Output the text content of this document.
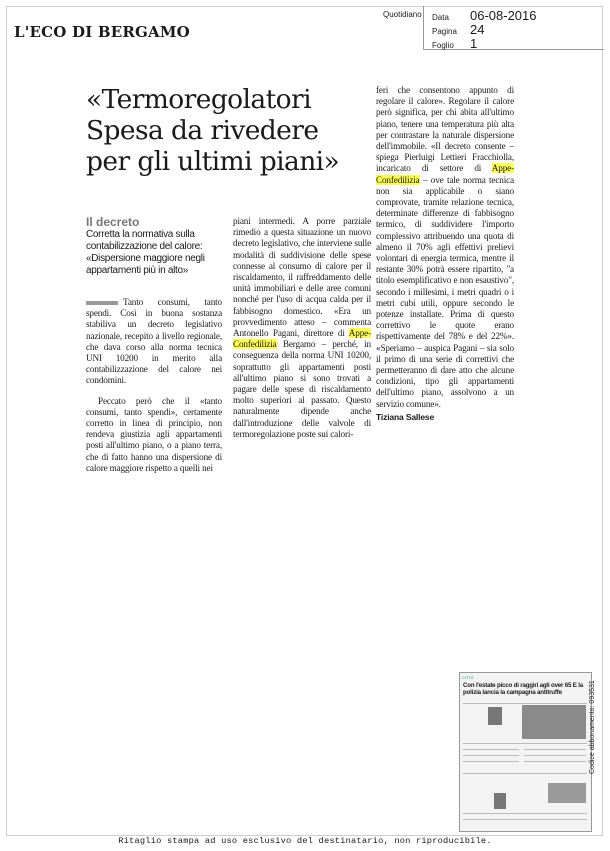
L'ECO DI BERGAMO
Quotidiano Data 06-08-2016
Pagina 24
Foglio 1
«Termoregolatori
Spesa da rivedere
per gli ultimi piani»
Il decreto
Corretta la normativa sulla
contabilizzazione del calore:
«Dispersione maggiore negli
appartamenti più in alto»

Tanto consumi, tanto spendi. Così in buona sostanza stabiliva un decreto legislativo nazionale, recepito a livello regionale, che dava corso alla norma tecnica UNI 10200 in merito alla contabilizzazione del calore nei condomini.

Peccato però che il «tanto consumi, tanto spendi», certamente corretto in linea di principio, non rendeva giustizia agli appartamenti posti all'ultimo piano, o a piano terra, che di fatto hanno una dispersione di calore maggiore rispetto a quelli nei

piani intermedi. A porre parziale rimedio a questa situazione un nuovo decreto legislativo, che interviene sulle modalità di suddivisione delle spese connesse al consumo di calore per il riscaldamento, il raffreddamento delle unità immobiliari e delle aree comuni nonché per l'uso di acqua calda per il fabbisogno domestico. «Era un provvedimento atteso – commenta Antonello Pagani, direttore di Appe-Confedilizia Bergamo – perché, in conseguenza della norma UNI 10200, soprattutto gli appartamenti posti all'ultimo piano si sono trovati a pagare delle spese di riscaldamento molto superiori al passato. Questo naturalmente dipende anche dall'introduzione delle valvole di termoregolazione poste sui calori-

feri che consentono appunto di regolare il calore». Regolare il calore però significa, per chi abita all'ultimo piano, tenere una temperatura più alta per contrastare la naturale dispersione dell'immobile. «Il decreto consente – spiega Pierluigi Lettieri Fracchiolla, incaricato di settore di Appe-Confedilizia – ove tale norma tecnica non sia applicabile o siano comprovate, tramite relazione tecnica, determinate differenze di fabbisogno termico, di suddividere l'importo complessivo attribuendo una quota di almeno il 70% agli effettivi prelievi volontari di energia termica, mentre il restante 30% potrà essere ripartito, "a titolo esemplificativo e non esaustivo", secondo i millesimi, i metri quadri o i metri cubi utili, oppure secondo le potenze installate. Prima di questo correttivo le quote erano rispettivamente del 78% e del 22%». «Speriamo – auspica Pagani – sia solo il primo di una serie di correttivi che permetteranno di dare atto che alcune condizioni, tipo gli appartamenti dell'ultimo piano, assolvono a un servizio comune».

Tiziana Sallese
CITTÀ
Con l'estate picco di raggiri agli over 65 E la polizia lancia la campagna antitruffe	Codice abbonamento: 093531
Ritaglio stampa ad uso esclusivo del destinatario, non riproducibile.
